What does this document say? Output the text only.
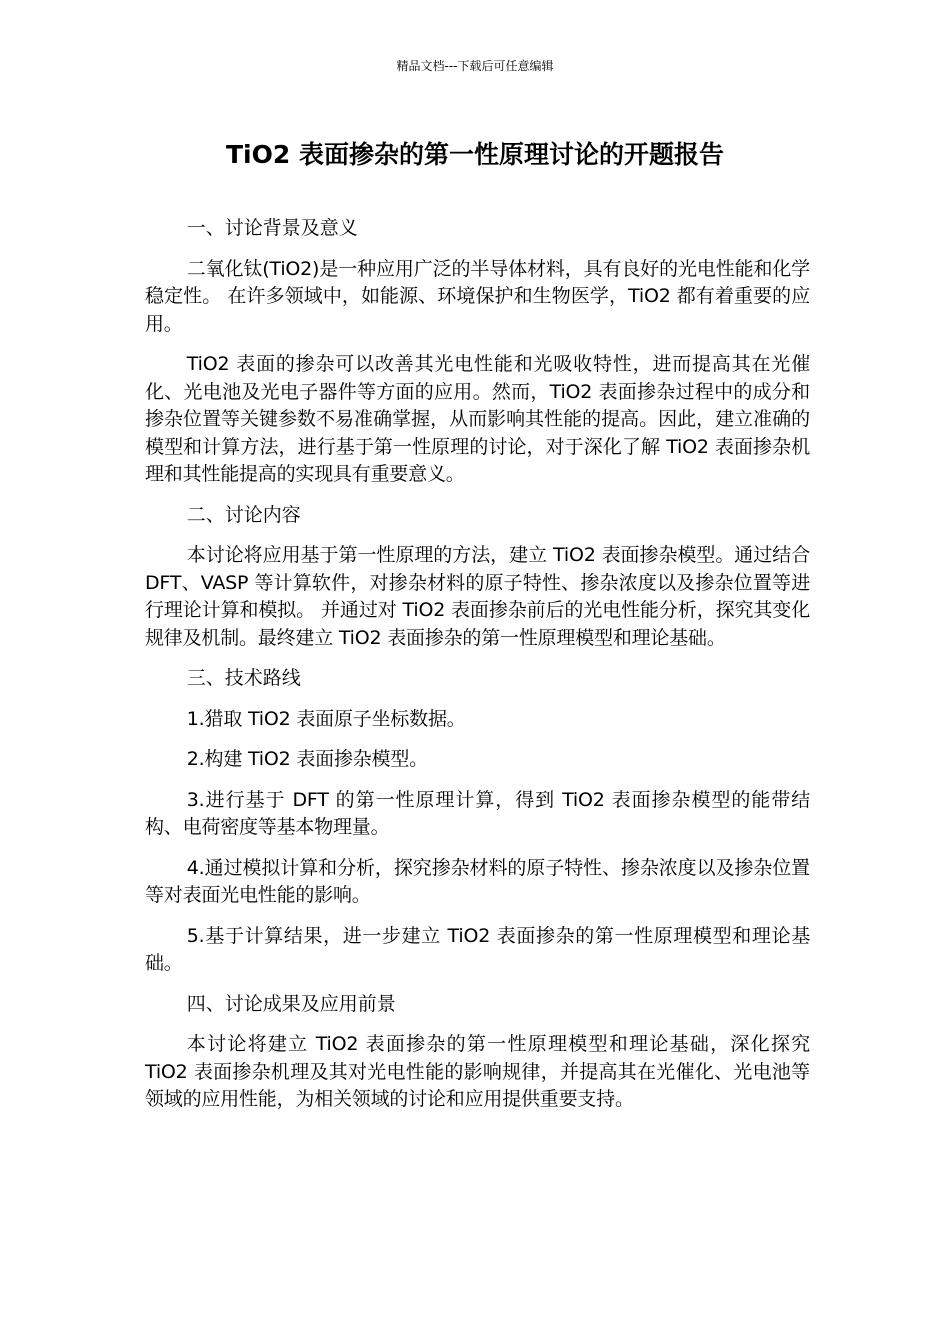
精品文档---下载后可任意编辑
TiO2 表面掺杂的第一性原理讨论的开题报告

一、讨论背景及意义

二氧化钛(TiO2)是一种应用广泛的半导体材料，具有良好的光电性能和化学稳定性。 在许多领域中，如能源、环境保护和生物医学，TiO2 都有着重要的应用。

TiO2 表面的掺杂可以改善其光电性能和光吸收特性，进而提高其在光催化、光电池及光电子器件等方面的应用。然而，TiO2 表面掺杂过程中的成分和掺杂位置等关键参数不易准确掌握，从而影响其性能的提高。因此，建立准确的模型和计算方法，进行基于第一性原理的讨论，对于深化了解 TiO2 表面掺杂机理和其性能提高的实现具有重要意义。

二、讨论内容

本讨论将应用基于第一性原理的方法，建立 TiO2 表面掺杂模型。通过结合 DFT、VASP 等计算软件，对掺杂材料的原子特性、掺杂浓度以及掺杂位置等进行理论计算和模拟。 并通过对 TiO2 表面掺杂前后的光电性能分析，探究其变化规律及机制。最终建立 TiO2 表面掺杂的第一性原理模型和理论基础。

三、技术路线

1.猎取 TiO2 表面原子坐标数据。

2.构建 TiO2 表面掺杂模型。

3.进行基于 DFT 的第一性原理计算，得到 TiO2 表面掺杂模型的能带结构、电荷密度等基本物理量。

4.通过模拟计算和分析，探究掺杂材料的原子特性、掺杂浓度以及掺杂位置等对表面光电性能的影响。

5.基于计算结果，进一步建立 TiO2 表面掺杂的第一性原理模型和理论基础。

四、讨论成果及应用前景

本讨论将建立 TiO2 表面掺杂的第一性原理模型和理论基础，深化探究 TiO2 表面掺杂机理及其对光电性能的影响规律，并提高其在光催化、光电池等领域的应用性能，为相关领域的讨论和应用提供重要支持。
